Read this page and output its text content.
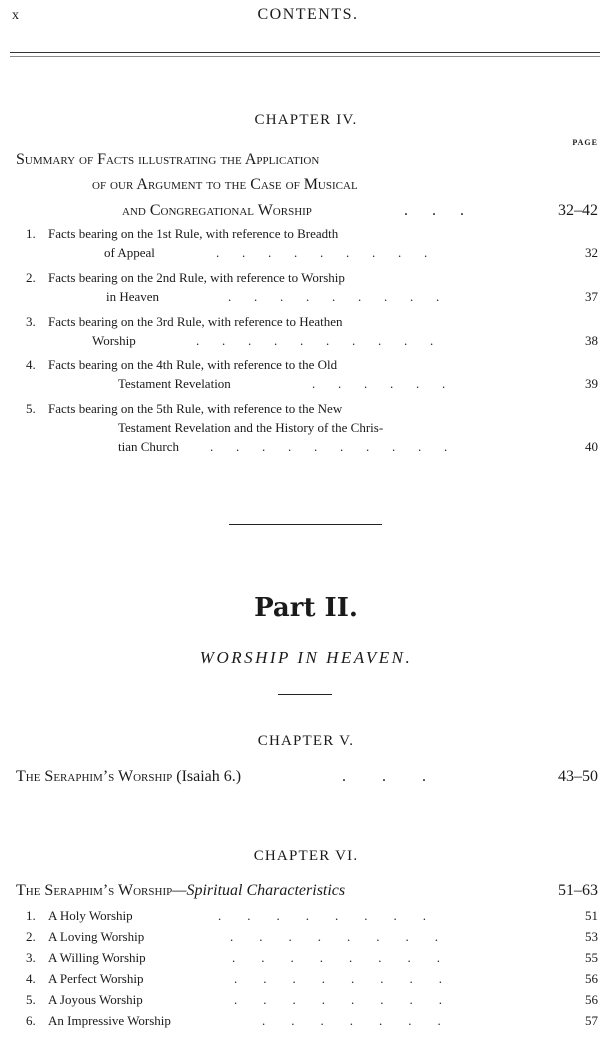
x	CONTENTS.
CHAPTER IV.
PAGE
Summary of Facts illustrating the Application
of our Argument to the Case of Musical
and Congregational Worship	.      .      .	32–42
1. Facts bearing on the 1st Rule, with reference to Breadth
of Appeal	.       .       .       .       .       .       .       .       .	32
2. Facts bearing on the 2nd Rule, with reference to Worship
in Heaven	.       .       .       .       .       .       .       .       .	37
3. Facts bearing on the 3rd Rule, with reference to Heathen
Worship	.       .       .       .       .       .       .       .       .       .	38
4. Facts bearing on the 4th Rule, with reference to the Old
Testament Revelation	.       .       .       .       .       .	39
5. Facts bearing on the 5th Rule, with reference to the New
Testament Revelation and the History of the Chris-
tian Church .       .       .       .       .       .       .       .       .       .	40
Part II.
WORSHIP IN HEAVEN.
CHAPTER V.
The Seraphim’s Worship (Isaiah 6.)	.         .         .	43–50
CHAPTER VI.
The Seraphim’s Worship—Spiritual Characteristics	51–63
1. A Holy Worship	.        .        .        .        .        .        .        .	51
2. A Loving Worship	.        .        .        .        .        .        .        .	53
3. A Willing Worship	.        .        .        .        .        .        .        .	55
4. A Perfect Worship	.        .        .        .        .        .        .        .	56
5. A Joyous Worship	.        .        .        .        .        .        .        .	56
6. An Impressive Worship	.        .        .        .        .        .        .	57
